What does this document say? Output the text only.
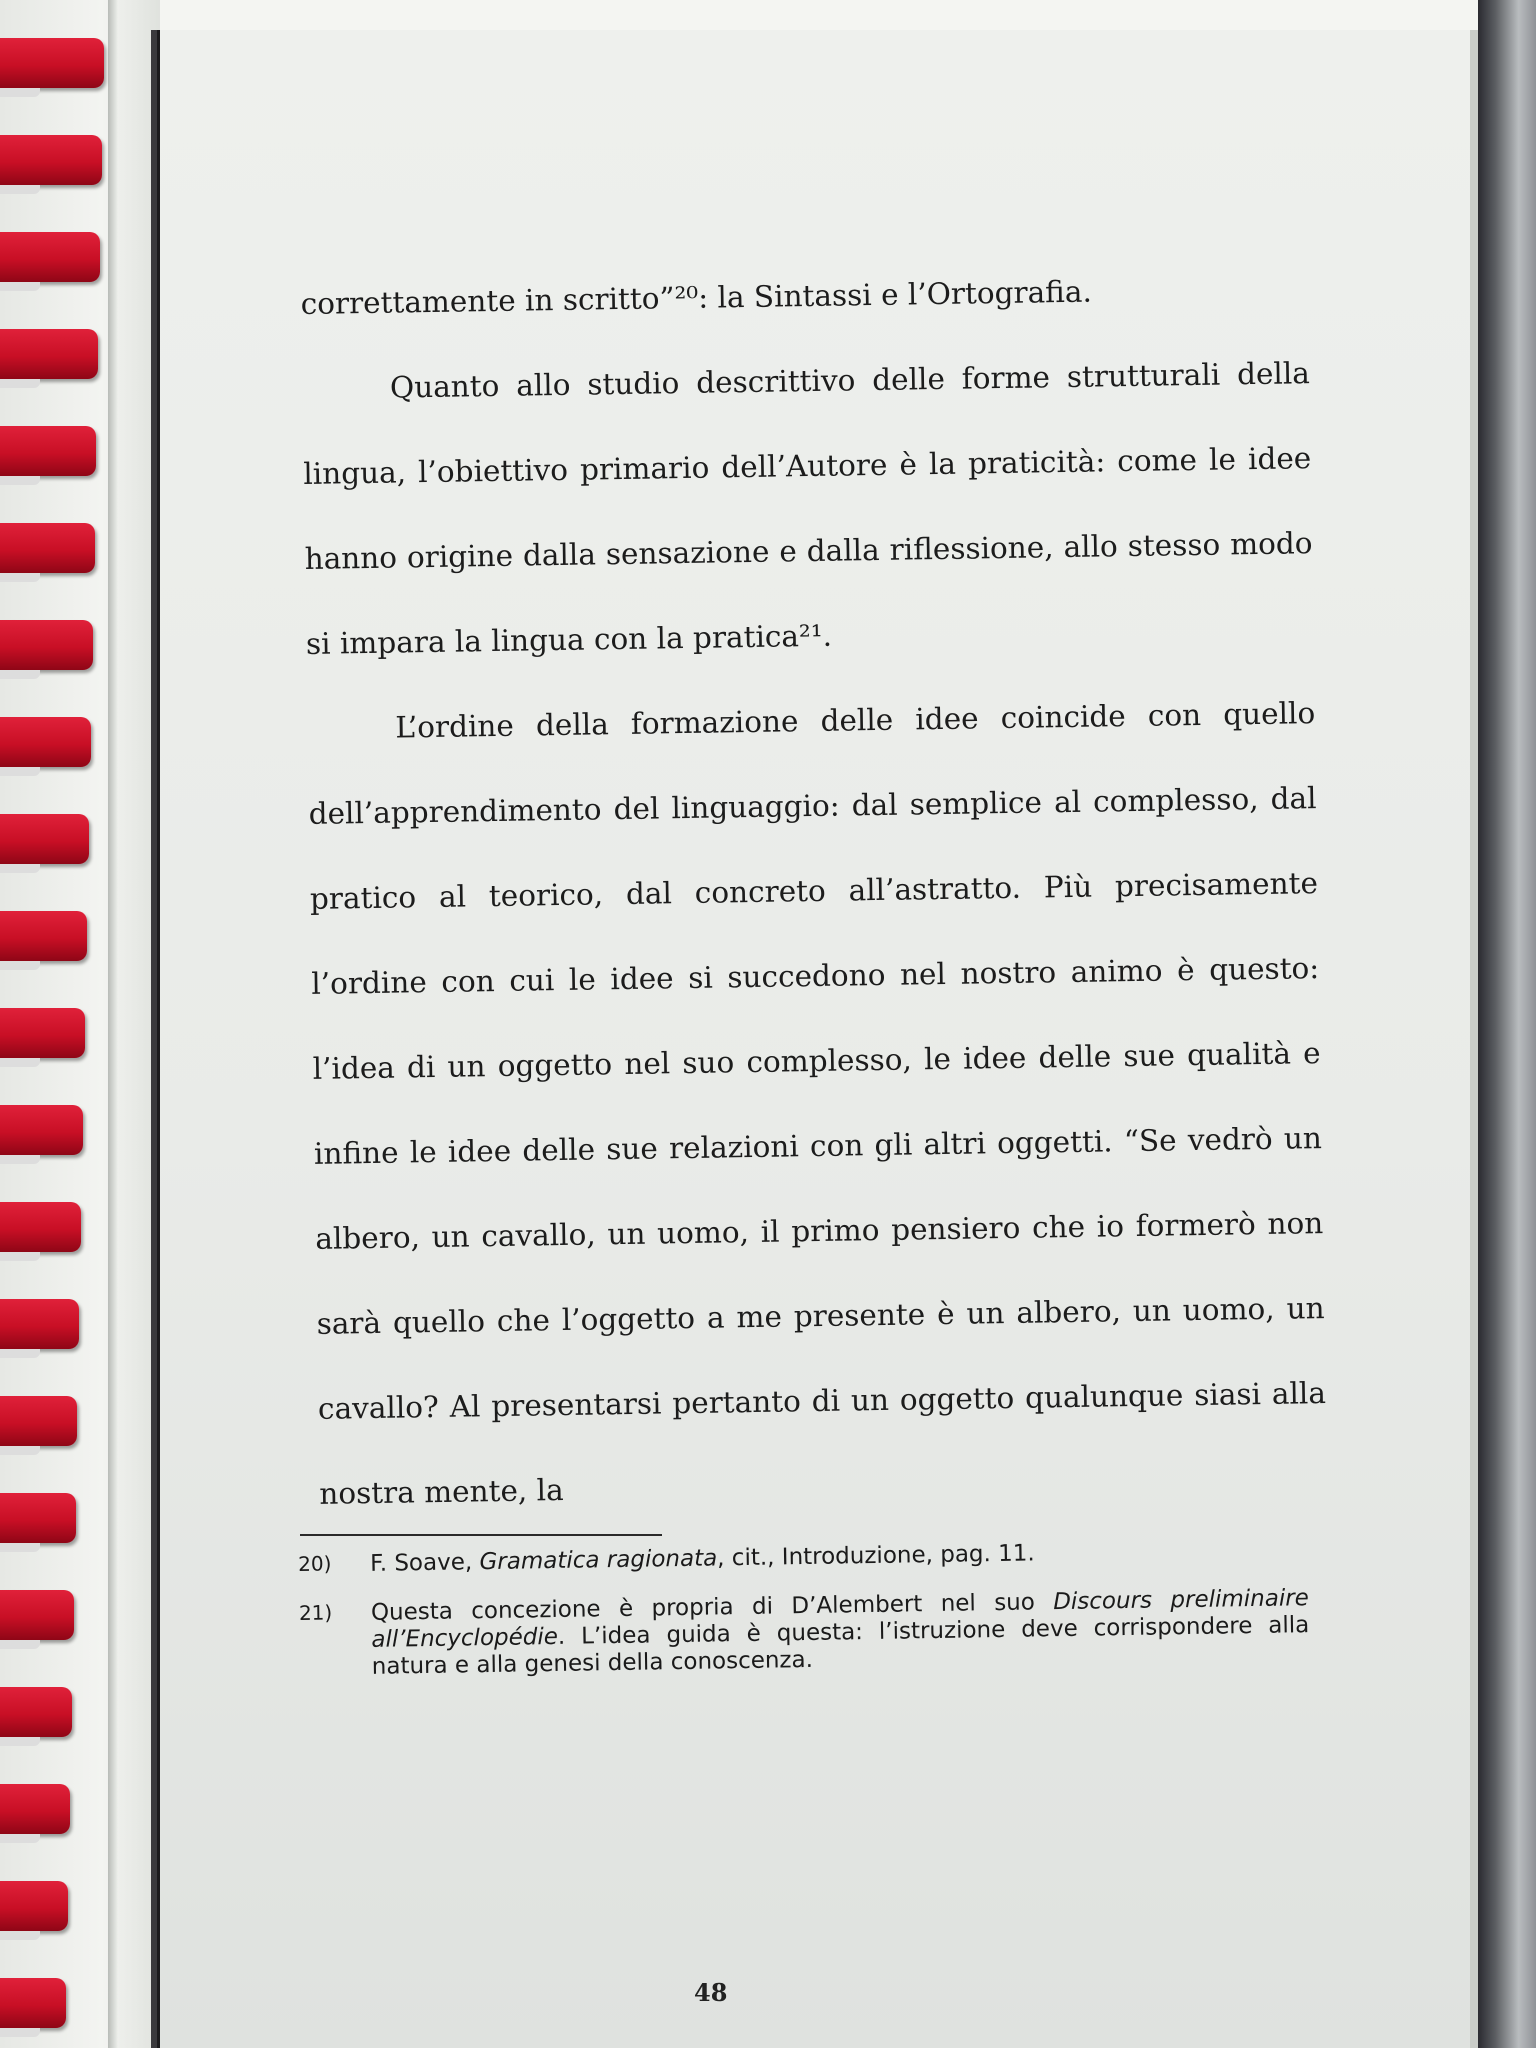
correttamente in scritto”²⁰: la Sintassi e l’Ortografia.

Quanto allo studio descrittivo delle forme strutturali della lingua, l’obiettivo primario dell’Autore è la praticità: come le idee hanno origine dalla sensazione e dalla riflessione, allo stesso modo si impara la lingua con la pratica²¹.

L’ordine della formazione delle idee coincide con quello dell’apprendimento del linguaggio: dal semplice al complesso, dal pratico al teorico, dal concreto all’astratto. Più precisamente l’ordine con cui le idee si succedono nel nostro animo è questo: l’idea di un oggetto nel suo complesso, le idee delle sue qualità e infine le idee delle sue relazioni con gli altri oggetti. “Se vedrò un albero, un cavallo, un uomo, il primo pensiero che io formerò non sarà quello che l’oggetto a me presente è un albero, un uomo, un cavallo? Al presentarsi pertanto di un oggetto qualunque siasi alla nostra mente, la

20)	F. Soave, Gramatica ragionata, cit., Introduzione, pag. 11.
21)	Questa concezione è propria di D’Alembert nel suo Discours preliminaire all’Encyclopédie. L’idea guida è questa: l’istruzione deve corrispondere alla natura e alla genesi della conoscenza.
48
